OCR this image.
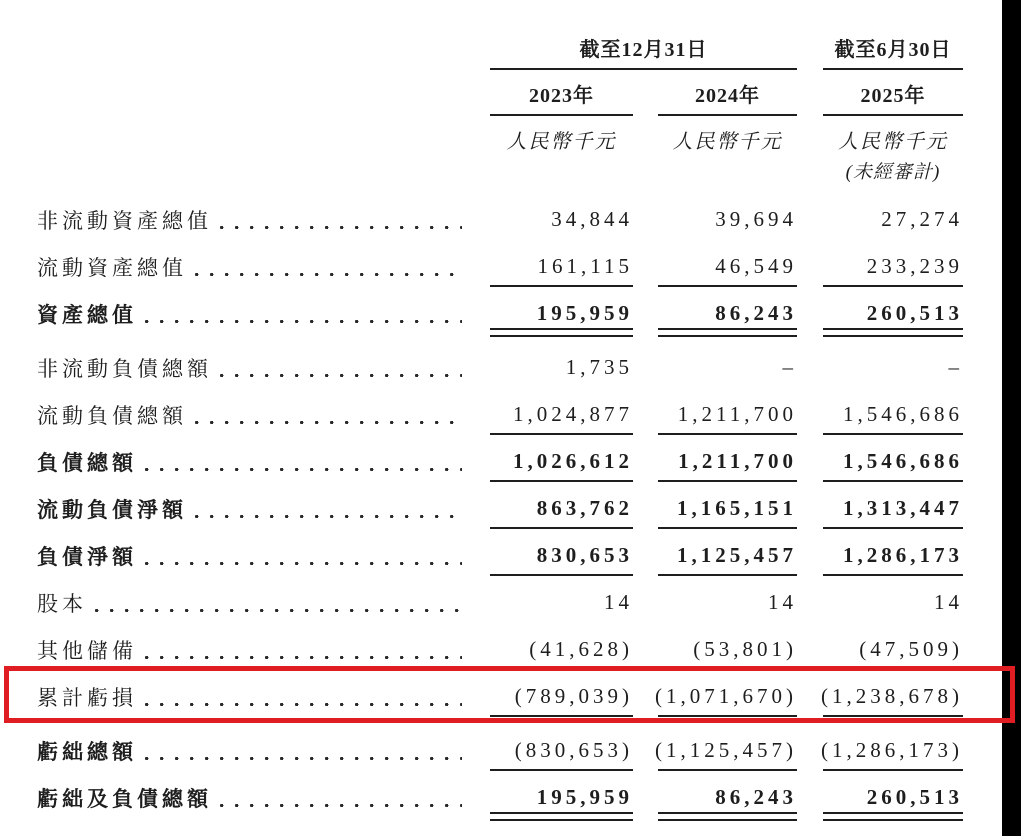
截至12月31日	截至6月30日
2023年	2024年	2025年
人民幣千元	人民幣千元	人民幣千元
(未經審計)
非流動資產總值	34,844	39,694	27,274
流動資產總值	161,115	46,549	233,239
資產總值	195,959	86,243	260,513
非流動負債總額	1,735	–	–
流動負債總額	1,024,877	1,211,700	1,546,686
負債總額	1,026,612	1,211,700	1,546,686
流動負債淨額	863,762	1,165,151	1,313,447
負債淨額	830,653	1,125,457	1,286,173
股本	14	14	14
其他儲備	(41,628)	(53,801)	(47,509)
累計虧損	(789,039) (1,071,670) (1,238,678)
虧絀總額	(830,653) (1,125,457) (1,286,173)
虧絀及負債總額	195,959	86,243	260,513
